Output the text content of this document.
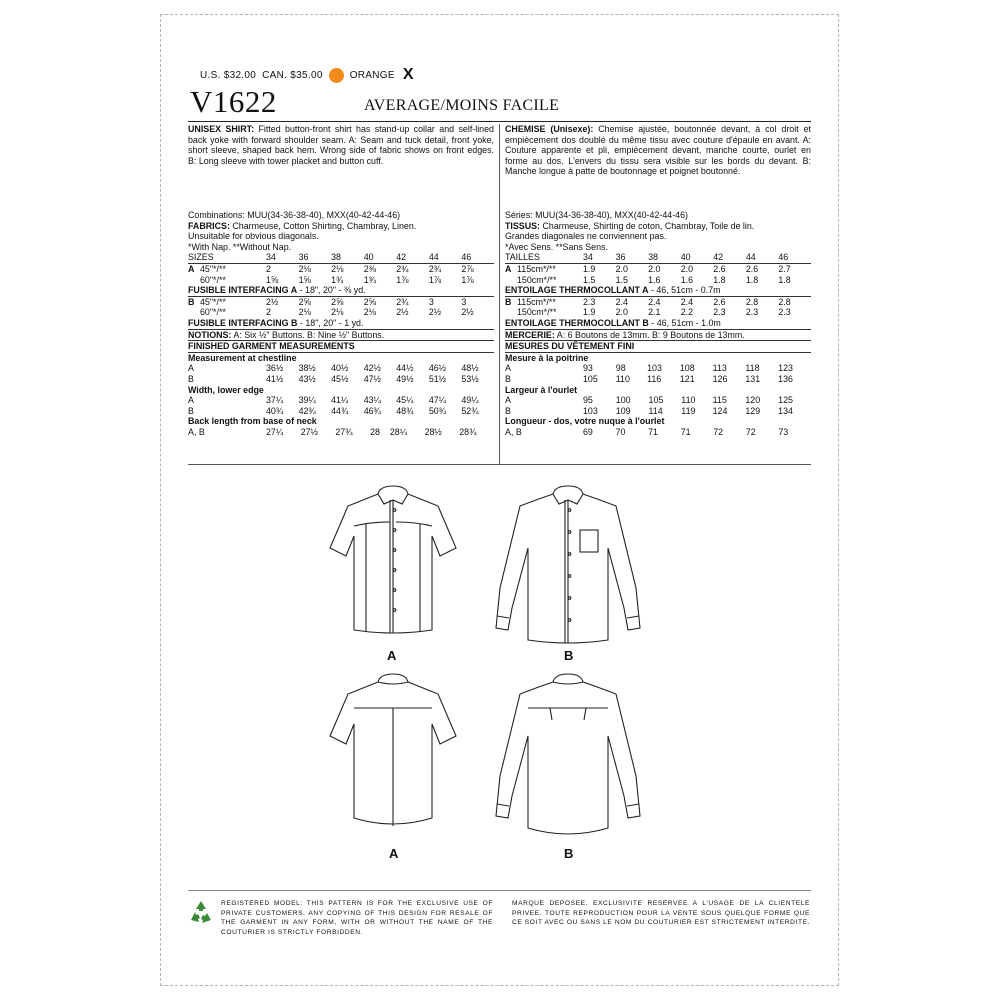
U.S. $32.00 CAN. $35.00	ORANGE X
V1622	AVERAGE/MOINS FACILE
UNISEX SHIRT: Fitted button-front shirt has stand-up collar and self-lined back yoke with forward shoulder seam. A: Seam and tuck detail, front yoke, short sleeve, shaped back hem. Wrong side of fabric shows on front edges. B: Long sleeve with tower placket and button cuff.
Combinations: MUU(34-36-38-40), MXX(40-42-44-46)
FABRICS: Charmeuse, Cotton Shirting, Chambray, Linen.
Unsuitable for obvious diagonals.
*With Nap. **Without Nap.
SIZES	34	36	38	40	42	44	46
A 45"*/**	2	2⅛	2⅛	2⅜	2¾	2¾	2⅞
60"*/**	1⅝	1⅝	1¾	1¾	1⅞	1⅞	1⅞
FUSIBLE INTERFACING A - 18", 20" - ⅜ yd.
B 45"*/**	2½	2⅝	2⅝	2⅝	2¾	3	3
60"*/**	2	2⅛	2⅛	2⅛	2½	2½	2½
FUSIBLE INTERFACING B - 18", 20" - 1 yd.
NOTIONS: A: Six ½" Buttons. B: Nine ½" Buttons.
FINISHED GARMENT MEASUREMENTS
Measurement at chestline
A	36½	38½	40½	42½	44½	46½	48½
B	41½	43½	45½	47½	49½	51½	53½
Width, lower edge
A	37¼	39¼	41¼	43¼	45¼	47¼	49¼
B	40¾	42¾	44¾	46¾	48¾	50¾	52¾
Back length from base of neck
A, B	27¼	27½	27¾	28	28¼	28½	28¾
CHEMISE (Unisexe): Chemise ajustée, boutonnée devant, à col droit et empiècement dos doublé du même tissu avec couture d'épaule en avant. A: Couture apparente et pli, empiècement devant, manche courte, ourlet en forme au dos. L'envers du tissu sera visible sur les bords du devant. B: Manche longue à patte de boutonnage et poignet boutonné.
Séries: MUU(34-36-38-40), MXX(40-42-44-46)
TISSUS: Charmeuse, Shirting de coton, Chambray, Toile de lin.
Grandes diagonales ne conviennent pas.
*Avec Sens. **Sans Sens.
TAILLES	34	36	38	40	42	44	46
A 115cm*/**	1.9	2.0	2.0	2.0	2.6	2.6	2.7
150cm*/**	1.5	1.5	1.6	1.6	1.8	1.8	1.8
ENTOILAGE THERMOCOLLANT A - 46, 51cm - 0.7m
B 115cm*/**	2.3	2.4	2.4	2.4	2.6	2.8	2.8
150cm*/**	1.9	2.0	2.1	2.2	2.3	2.3	2.3
ENTOILAGE THERMOCOLLANT B - 46, 51cm - 1.0m
MERCERIE: A: 6 Boutons de 13mm. B: 9 Boutons de 13mm.
MESURES DU VÊTEMENT FINI
Mesure à la poitrine
A	93	98	103	108	113	118	123
B	105	110	116	121	126	131	136
Largeur à l'ourlet
A	95	100	105	110	115	120	125
B	103	109	114	119	124	129	134
Longueur - dos, votre nuque à l'ourlet
A, B	69	70	71	71	72	72	73
A	B
A	B
REGISTERED MODEL: THIS PATTERN IS FOR THE EXCLUSIVE USE OF PRIVATE CUSTOMERS. ANY COPYING OF THIS DESIGN FOR RESALE OF THE GARMENT IN ANY FORM, WITH OR WITHOUT THE NAME OF THE COUTURIER IS STRICTLY FORBIDDEN.
MARQUE DEPOSEE. EXCLUSIVITE RESERVEE A L'USAGE DE LA CLIENTELE PRIVEE. TOUTE REPRODUCTION POUR LA VENTE SOUS QUELQUE FORME QUE CE SOIT AVEC OU SANS LE NOM DU COUTURIER EST STRICTEMENT INTERDITE.
